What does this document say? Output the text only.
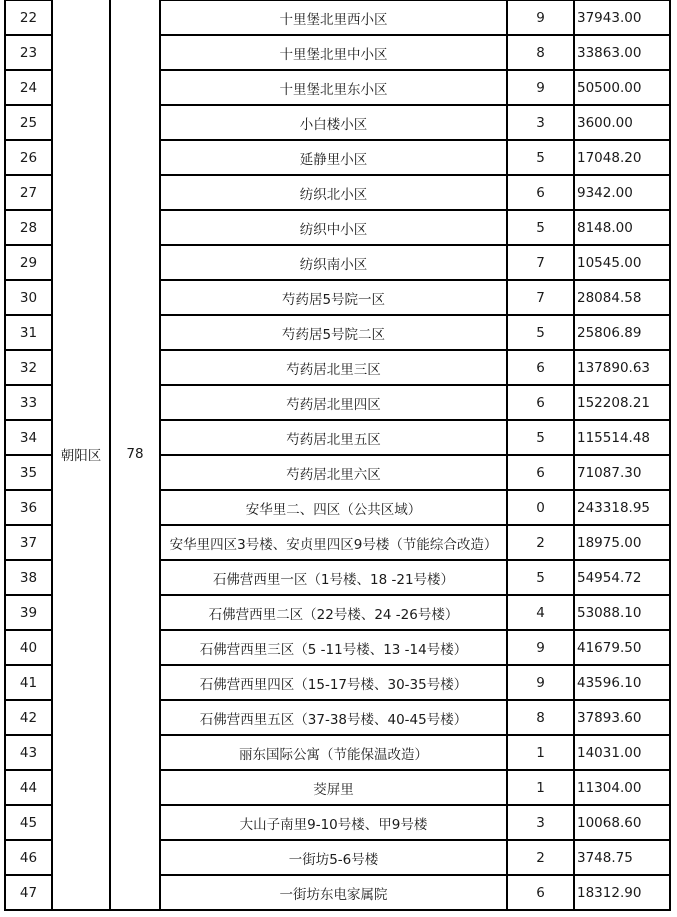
	朝阳区	78			
22			十里堡北里西小区	9	37943.00
23			十里堡北里中小区	8	33863.00
24			十里堡北里东小区	9	50500.00
25			小白楼小区	3	3600.00
26			延静里小区	5	17048.20
27			纺织北小区	6	9342.00
28			纺织中小区	5	8148.00
29			纺织南小区	7	10545.00
30			芍药居5号院一区	7	28084.58
31			芍药居5号院二区	5	25806.89
32			芍药居北里三区	6	137890.63
33			芍药居北里四区	6	152208.21
34			芍药居北里五区	5	115514.48
35			芍药居北里六区	6	71087.30
36			安华里二、四区（公共区域）	0	243318.95
37			安华里四区3号楼、安贞里四区9号楼（节能综合改造）	2	18975.00
38			石佛营西里一区（1号楼、18 -21号楼）	5	54954.72
39			石佛营西里二区（22号楼、24 -26号楼）	4	53088.10
40			石佛营西里三区（5 -11号楼、13 -14号楼）	9	41679.50
41			石佛营西里四区（15-17号楼、30-35号楼）	9	43596.10
42			石佛营西里五区（37-38号楼、40-45号楼）	8	37893.60
43			丽东国际公寓（节能保温改造）	1	14031.00
44			茭屏里	1	11304.00
45			大山子南里9-10号楼、甲9号楼	3	10068.60
46			一街坊5-6号楼	2	3748.75
47			一街坊东电家属院	6	18312.90
